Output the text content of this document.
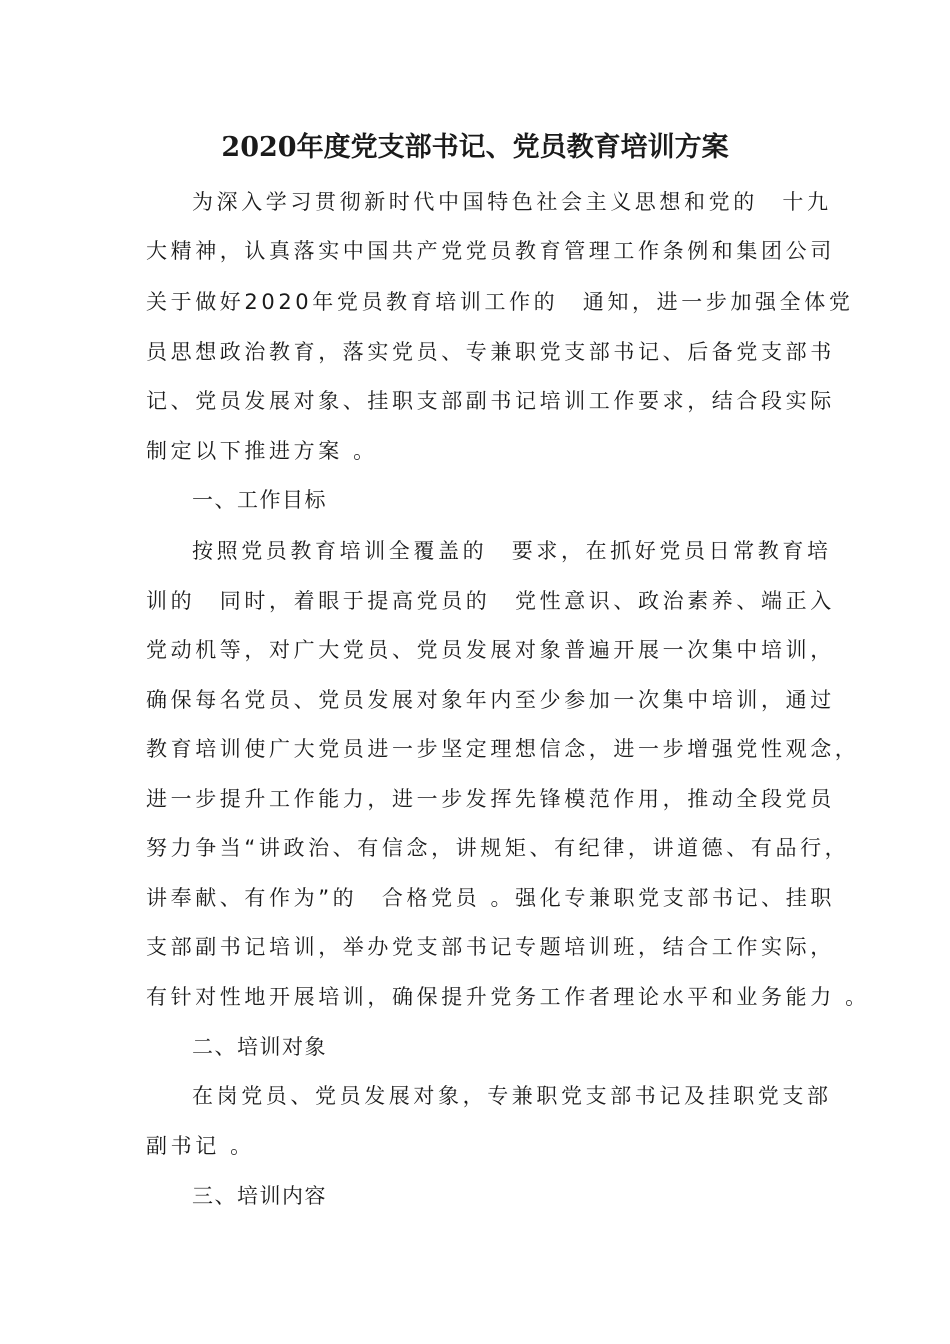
2020年度党支部书记、党员教育培训方案
为深入学习贯彻新时代中国特色社会主义思想和党的　十九
大精神，认真落实中国共产党党员教育管理工作条例和集团公司
关于做好2020年党员教育培训工作的　通知，进一步加强全体党
员思想政治教育，落实党员、专兼职党支部书记、后备党支部书
记、党员发展对象、挂职支部副书记培训工作要求，结合段实际
制定以下推进方案 。
一、工作目标
按照党员教育培训全覆盖的　要求，在抓好党员日常教育培
训的　同时，着眼于提高党员的　党性意识、政治素养、端正入
党动机等，对广大党员、党员发展对象普遍开展一次集中培训，
确保每名党员、党员发展对象年内至少参加一次集中培训，通过
教育培训使广大党员进一步坚定理想信念，进一步增强党性观念，
进一步提升工作能力，进一步发挥先锋模范作用，推动全段党员
努力争当“讲政治、有信念，讲规矩、有纪律，讲道德、有品行，
讲奉献、有作为”的　合格党员 。强化专兼职党支部书记、挂职
支部副书记培训，举办党支部书记专题培训班，结合工作实际，
有针对性地开展培训，确保提升党务工作者理论水平和业务能力 。
二、培训对象
在岗党员、党员发展对象，专兼职党支部书记及挂职党支部
副书记 。
三、培训内容
